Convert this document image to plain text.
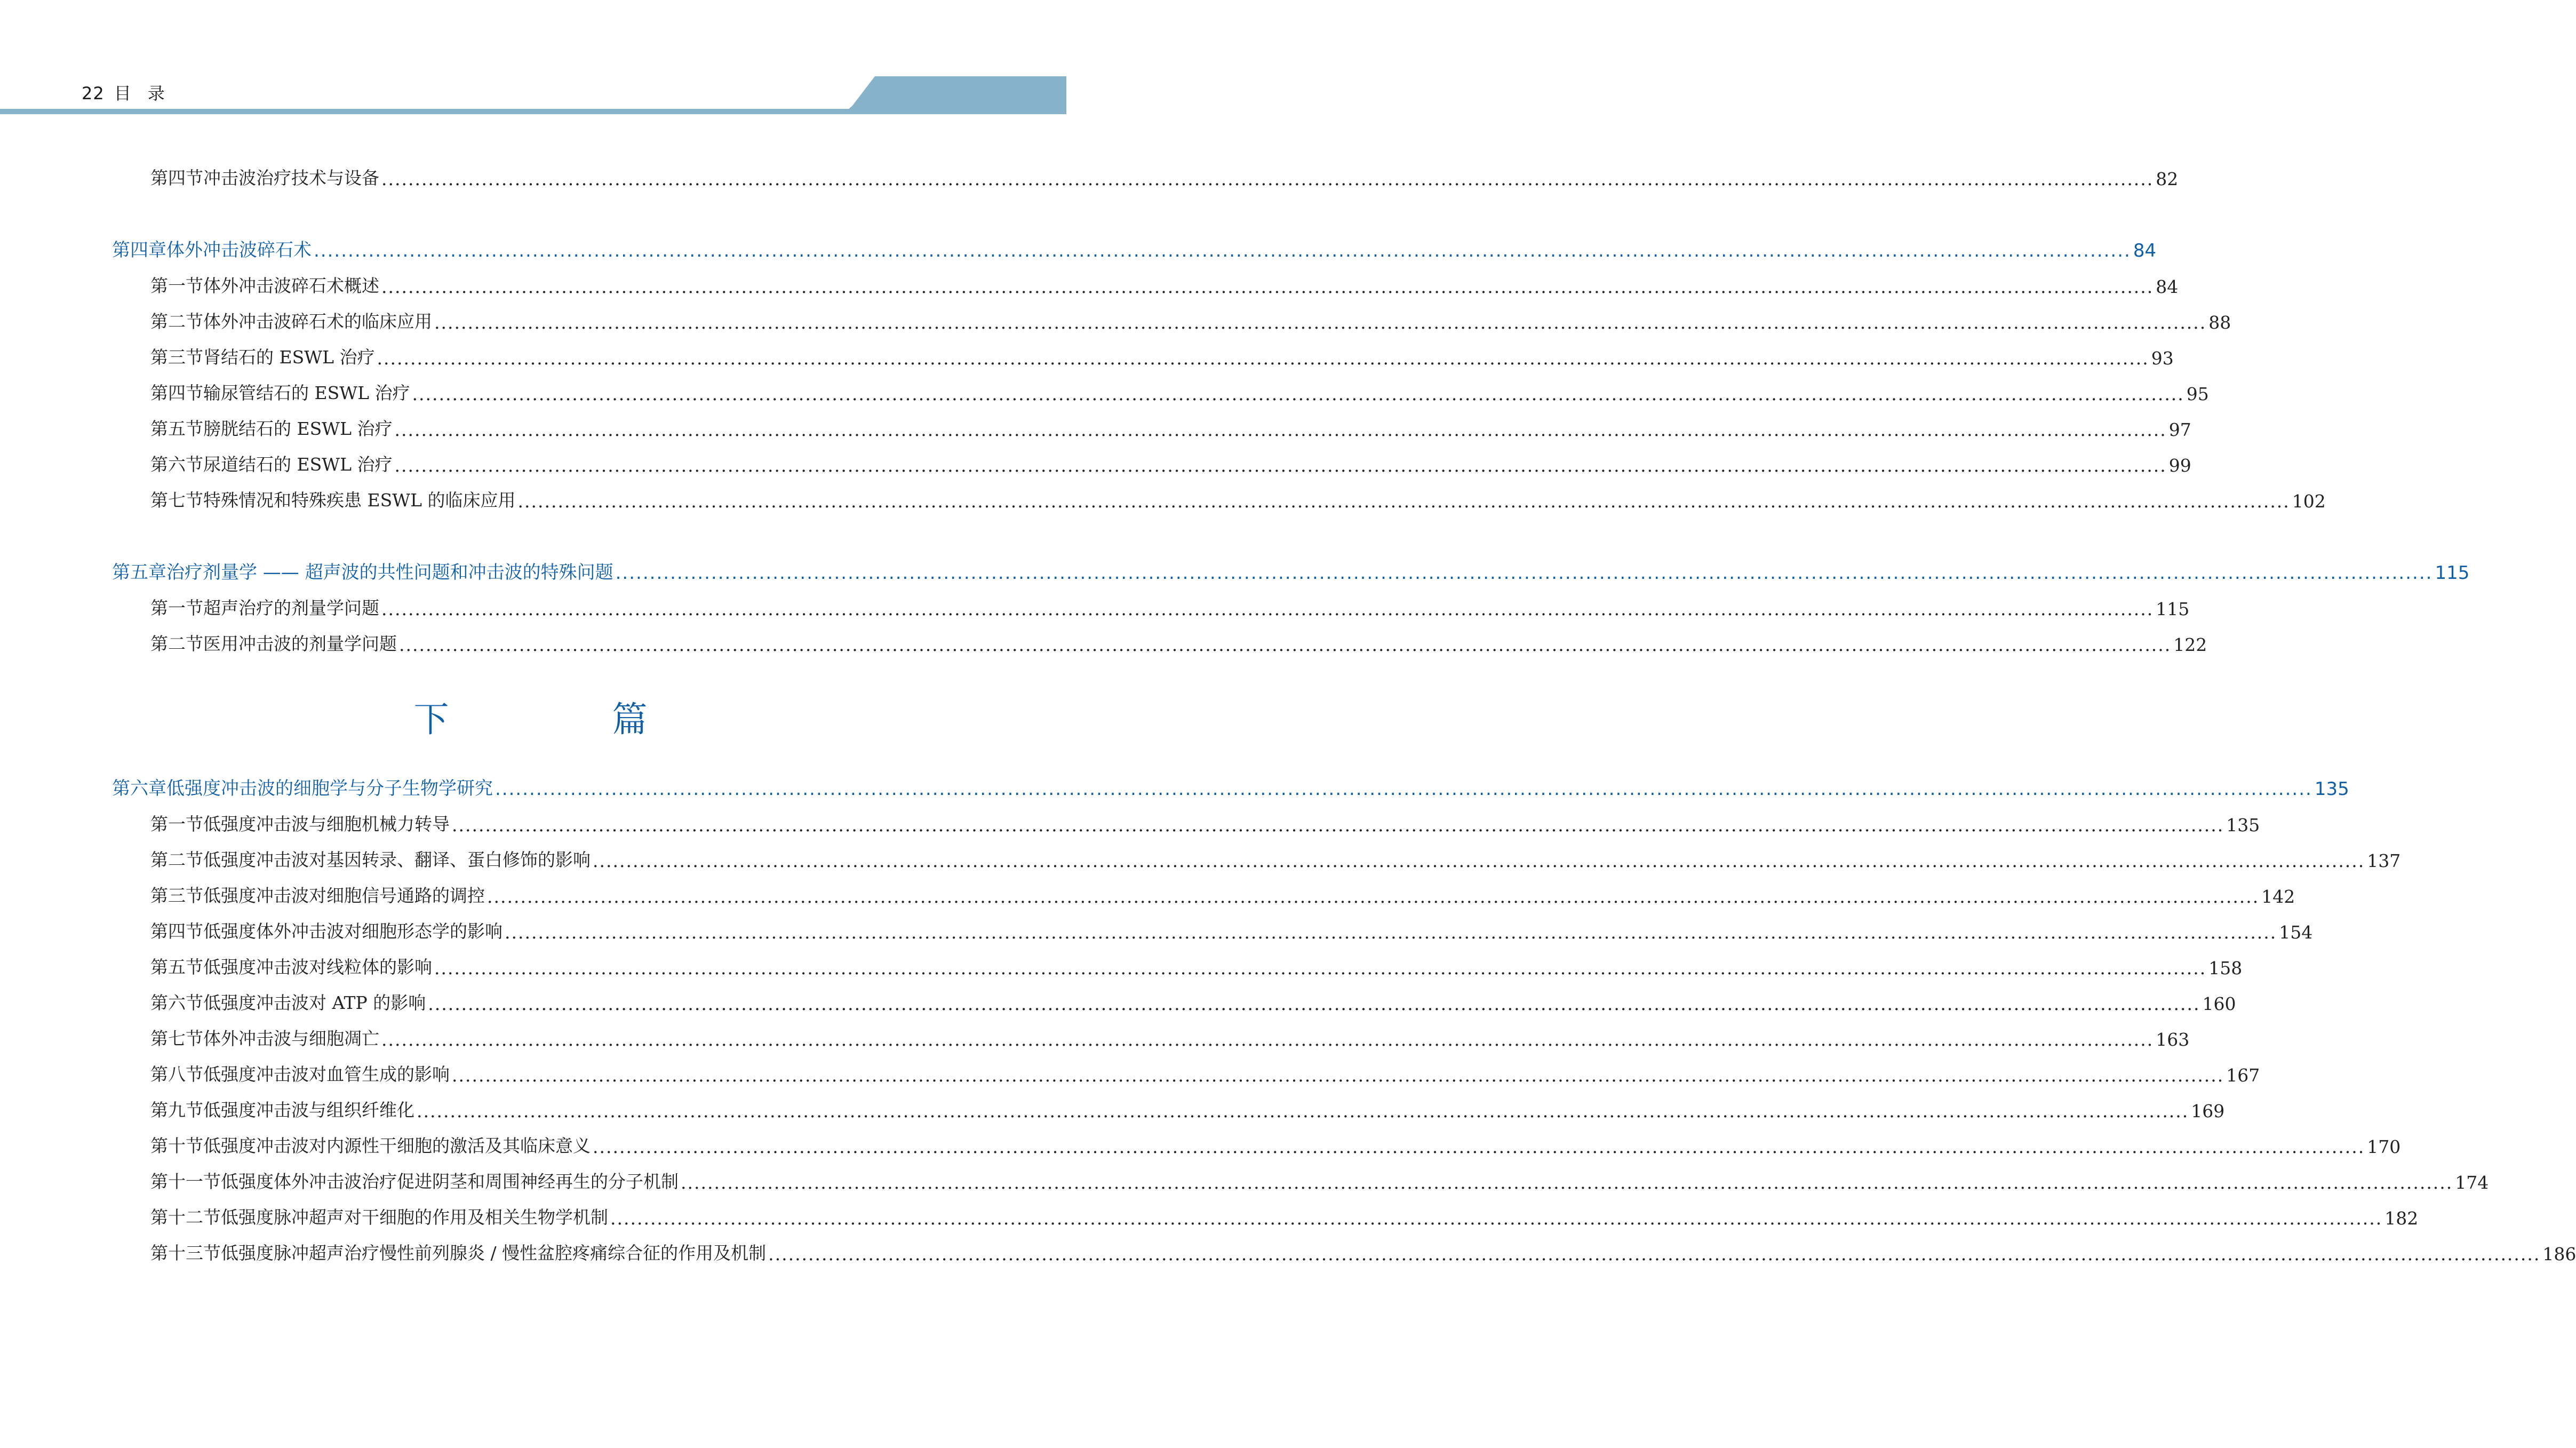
22 目 录
第四节 冲击波治疗技术与设备 .......................................................................................................................................................................................................................................................................... 82
第四章 体外冲击波碎石术 .......................................................................................................................................................................................................................................................................... 84
第一节 体外冲击波碎石术概述 .......................................................................................................................................................................................................................................................................... 84
第二节 体外冲击波碎石术的临床应用 .......................................................................................................................................................................................................................................................................... 88
第三节 肾结石的 ESWL 治疗 .......................................................................................................................................................................................................................................................................... 93
第四节 输尿管结石的 ESWL 治疗 .......................................................................................................................................................................................................................................................................... 95
第五节 膀胱结石的 ESWL 治疗 .......................................................................................................................................................................................................................................................................... 97
第六节 尿道结石的 ESWL 治疗 .......................................................................................................................................................................................................................................................................... 99
第七节 特殊情况和特殊疾患 ESWL 的临床应用 .......................................................................................................................................................................................................................................................................... 102
第五章 治疗剂量学 —— 超声波的共性问题和冲击波的特殊问题 .......................................................................................................................................................................................................................................................................... 115
第一节 超声治疗的剂量学问题 .......................................................................................................................................................................................................................................................................... 115
第二节 医用冲击波的剂量学问题 .......................................................................................................................................................................................................................................................................... 122
下　篇
第六章 低强度冲击波的细胞学与分子生物学研究 .......................................................................................................................................................................................................................................................................... 135
第一节 低强度冲击波与细胞机械力转导 .......................................................................................................................................................................................................................................................................... 135
第二节 低强度冲击波对基因转录、翻译、蛋白修饰的影响 .......................................................................................................................................................................................................................................................................... 137
第三节 低强度冲击波对细胞信号通路的调控 .......................................................................................................................................................................................................................................................................... 142
第四节 低强度体外冲击波对细胞形态学的影响 .......................................................................................................................................................................................................................................................................... 154
第五节 低强度冲击波对线粒体的影响 .......................................................................................................................................................................................................................................................................... 158
第六节 低强度冲击波对 ATP 的影响 .......................................................................................................................................................................................................................................................................... 160
第七节 体外冲击波与细胞凋亡 .......................................................................................................................................................................................................................................................................... 163
第八节 低强度冲击波对血管生成的影响 .......................................................................................................................................................................................................................................................................... 167
第九节 低强度冲击波与组织纤维化 .......................................................................................................................................................................................................................................................................... 169
第十节 低强度冲击波对内源性干细胞的激活及其临床意义 .......................................................................................................................................................................................................................................................................... 170
第十一节 低强度体外冲击波治疗促进阴茎和周围神经再生的分子机制 .......................................................................................................................................................................................................................................................................... 174
第十二节 低强度脉冲超声对干细胞的作用及相关生物学机制 .......................................................................................................................................................................................................................................................................... 182
第十三节 低强度脉冲超声治疗慢性前列腺炎 / 慢性盆腔疼痛综合征的作用及机制 .......................................................................................................................................................................................................................................................................... 186
